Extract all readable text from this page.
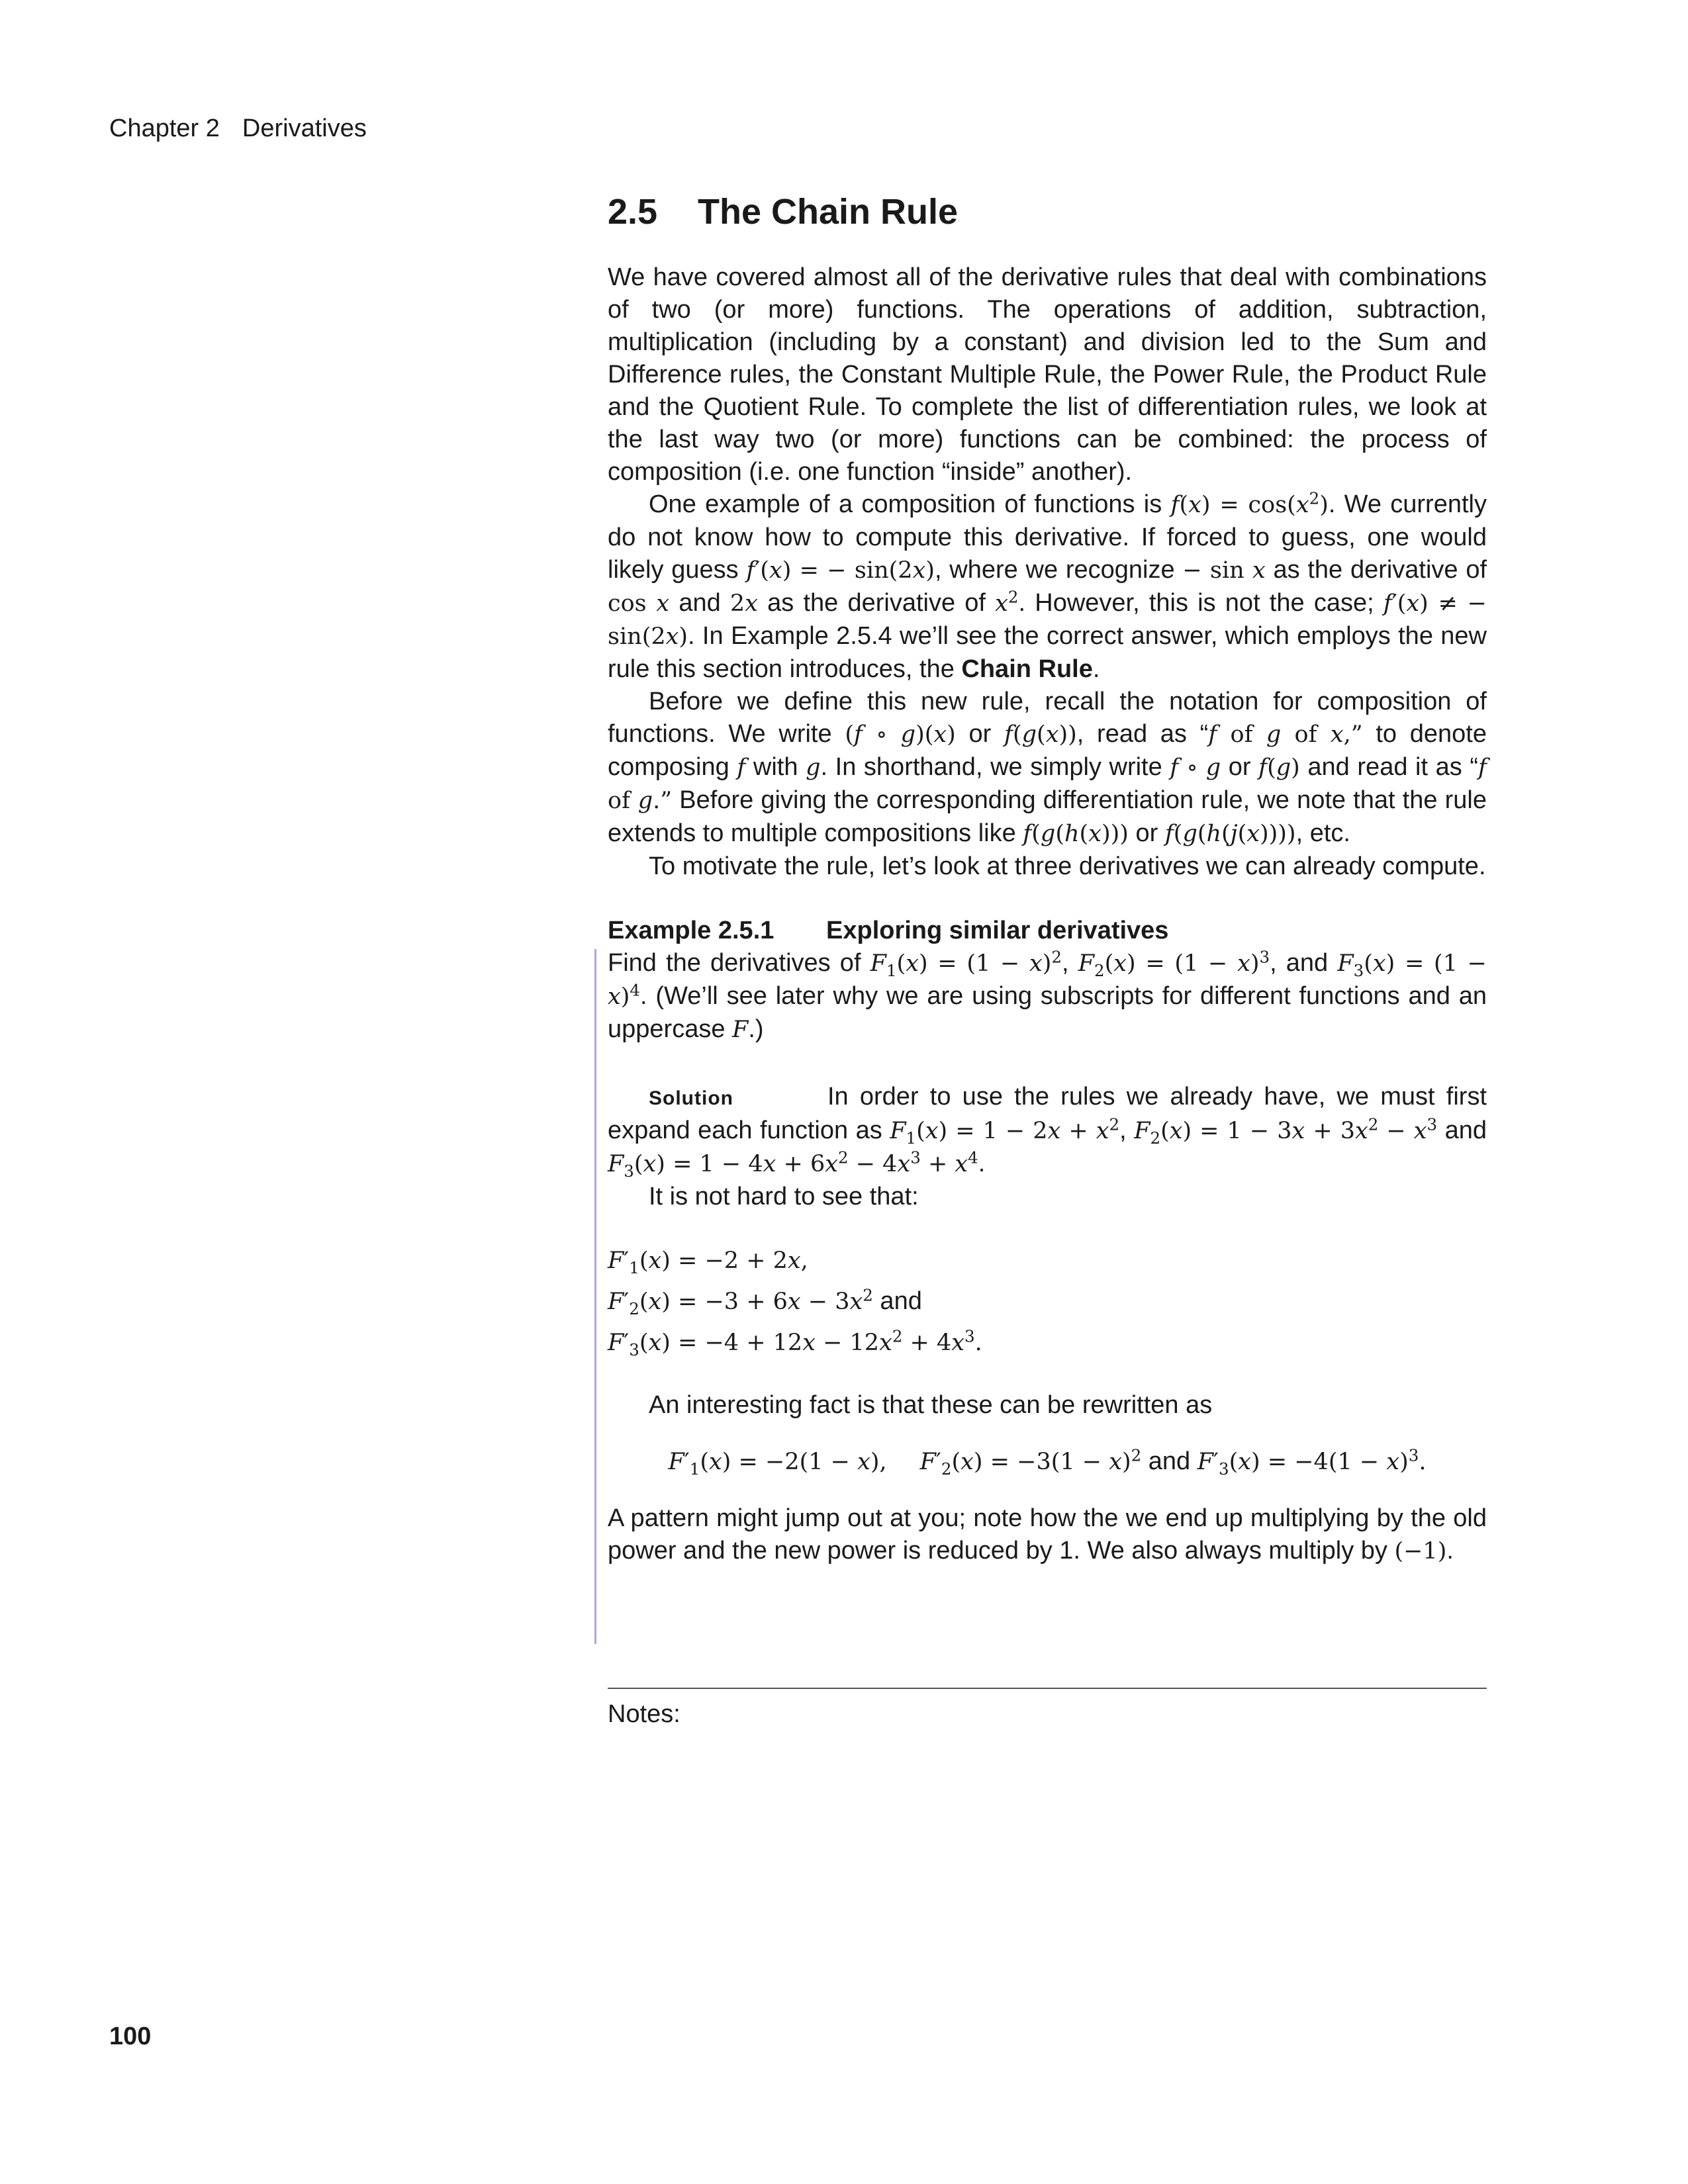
Chapter 2 Derivatives
2.5 The Chain Rule

We have covered almost all of the derivative rules that deal with combinations of two (or more) functions. The operations of addition, subtraction, multiplication (including by a constant) and division led to the Sum and Difference rules, the Constant Multiple Rule, the Power Rule, the Product Rule and the Quotient Rule. To complete the list of differentiation rules, we look at the last way two (or more) functions can be combined: the process of composition (i.e. one function “inside” another).

One example of a composition of functions is $f(x) = \cos(x^2)$. We currently do not know how to compute this derivative. If forced to guess, one would likely guess f′(x) = − sin(2x), where we recognize − sin x as the derivative of cos x and 2x as the derivative of $x^2$. However, this is not the case; f′(x) ≠ − sin(2x). In Example 2.5.4 we’ll see the correct answer, which employs the new rule this section introduces, the Chain Rule.

Before we define this new rule, recall the notation for composition of functions. We write (f ∘ g)(x) or f(g(x)), read as “f of g of x,” to denote composing f with g. In shorthand, we simply write f ∘ g or f(g) and read it as “f of g.” Before giving the corresponding differentiation rule, we note that the rule extends to multiple compositions like f(g(h(x))) or f(g(h(j(x)))), etc.

To motivate the rule, let’s look at three derivatives we can already compute.

Example 2.5.1 Exploring similar derivatives

Find the derivatives of $F_1(x) = (1 - x)^2$, $F_2(x) = (1 - x)^3$, and $F_3(x) = (1 - x)^4$. (We’ll see later why we are using subscripts for different functions and an uppercase F.)

Solution	In order to use the rules we already have, we must first expand each function as $F_1(x) = 1 - 2x + x^2$, $F_2(x) = 1 - 3x + 3x^2 - x^3$ and $F_3(x) = 1 - 4x + 6x^2 - 4x^3 + x^4$.

It is not hard to see that:

$F'_1(x) = -2 + 2x$,
$F'_2(x) = -3 + 6x - 3x^2$ and
$F'_3(x) = -4 + 12x - 12x^2 + 4x^3$.

An interesting fact is that these can be rewritten as

$F'_1(x) = -2(1 - x)$, $F'_2(x) = -3(1 - x)^2$ and $F'_3(x) = -4(1 - x)^3$.

A pattern might jump out at you; note how the we end up multiplying by the old power and the new power is reduced by 1. We also always multiply by (−1).

Notes:
100
